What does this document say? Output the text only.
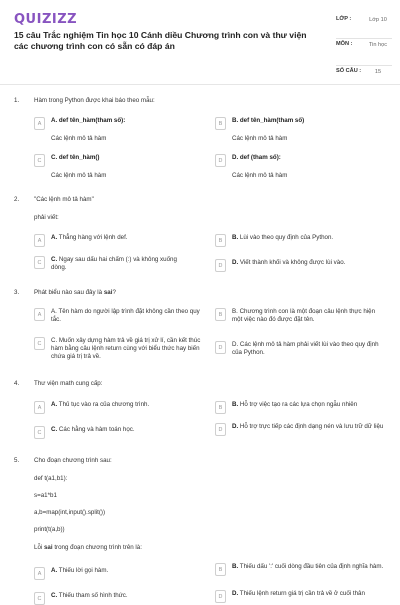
QUIZIZZ
15 câu Trắc nghiệm Tin học 10 Cánh diều Chương trình con và thư viện các chương trình con có sẵn có đáp án
LỚP :	Lớp 10
MÔN :	Tin học
SỐ CÂU :	15
1. Hàm trong Python được khai báo theo mẫu:
A	A. def tên_hàm(tham số):
Các lệnh mô tả hàm
B	B. def tên_hàm(tham số)
Các lệnh mô tả hàm
C	C. def tên_hàm()
Các lệnh mô tả hàm
D	D. def (tham số):
Các lệnh mô tả hàm
2. "Các lệnh mô tả hàm"
phải viết:
A	A. Thẳng hàng với lệnh def.	B	B. Lùi vào theo quy định của Python.
C	C. Ngay sau dấu hai chấm (:) và không xuống dòng.	D	D. Viết thành khối và không được lùi vào.
3. Phát biểu nào sau đây là sai?
A	A. Tên hàm do người lập trình đặt không cần theo quy tắc.
B	B. Chương trình con là một đoạn câu lệnh thực hiện một việc nào đó được đặt tên.
C	C. Muốn xây dựng hàm trả về giá trị xử lí, cần kết thúc hàm bằng câu lệnh return cùng với biểu thức hay biến chứa giá trị trả về.
D	D. Các lệnh mô tả hàm phải viết lùi vào theo quy định của Python.
4. Thư viện math cung cấp:
A	A. Thủ tục vào ra của chương trình.	B	B. Hỗ trợ việc tạo ra các lựa chọn ngẫu nhiên
C	C. Các hằng và hàm toán học.	D	D. Hỗ trợ trực tiếp các định dạng nén và lưu trữ dữ liệu
5. Cho đoạn chương trình sau:
def t(a1,b1):
s=a1*b1
a,b=map(int,input().split())
print(t(a,b))
Lỗi sai trong đoạn chương trình trên là:
A	A. Thiếu lời gọi hàm.	B	B. Thiếu dấu ':' cuối dòng đầu tiên của định nghĩa hàm.
C	C. Thiếu tham số hình thức.	D	D. Thiếu lệnh return giá trị cần trả về ở cuối thân
